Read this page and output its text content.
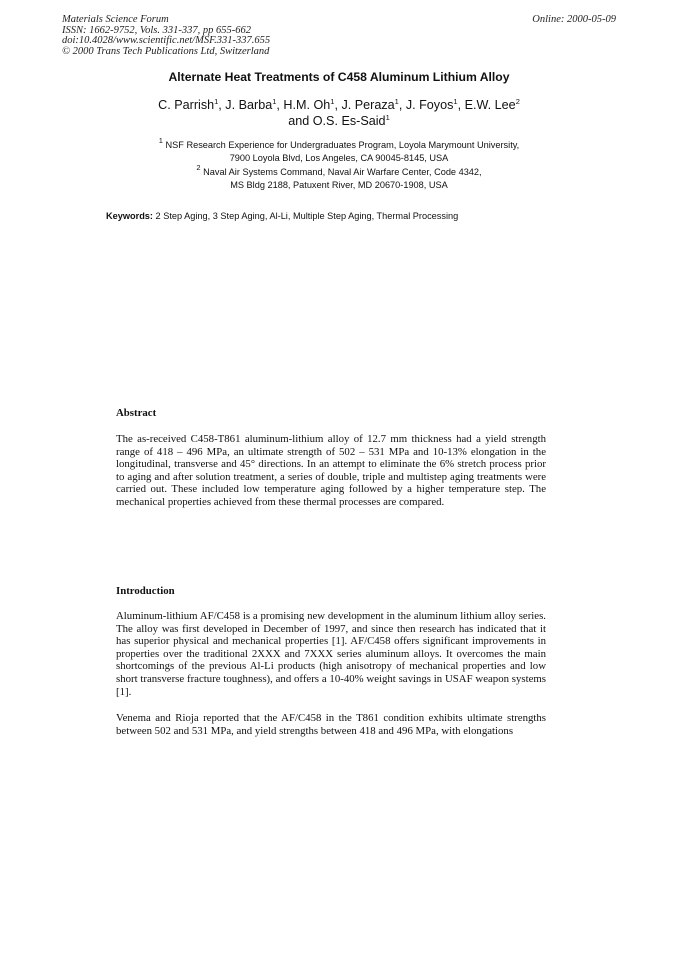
Materials Science Forum
ISSN: 1662-9752, Vols. 331-337, pp 655-662
doi:10.4028/www.scientific.net/MSF.331-337.655
© 2000 Trans Tech Publications Ltd, Switzerland
Online: 2000-05-09
Alternate Heat Treatments of C458 Aluminum Lithium Alloy
C. Parrish$^1$, J. Barba$^1$, H.M. Oh$^1$, J. Peraza$^1$, J. Foyos$^1$, E.W. Lee$^2$
and O.S. Es-Said$^1$
$^1$ NSF Research Experience for Undergraduates Program, Loyola Marymount University,
7900 Loyola Blvd, Los Angeles, CA 90045-8145, USA
$^2$ Naval Air Systems Command, Naval Air Warfare Center, Code 4342,
MS Bldg 2188, Patuxent River, MD 20670-1908, USA
Keywords: 2 Step Aging, 3 Step Aging, Al-Li, Multiple Step Aging, Thermal Processing
Abstract
The as-received C458-T861 aluminum-lithium alloy of 12.7 mm thickness had a yield strength range of 418 – 496 MPa, an ultimate strength of 502 – 531 MPa and 10-13% elongation in the longitudinal, transverse and 45° directions. In an attempt to eliminate the 6% stretch process prior to aging and after solution treatment, a series of double, triple and multistep aging treatments were carried out. These included low temperature aging followed by a higher temperature step. The mechanical properties achieved from these thermal processes are compared.
Introduction
Aluminum-lithium AF/C458 is a promising new development in the aluminum lithium alloy series. The alloy was first developed in December of 1997, and since then research has indicated that it has superior physical and mechanical properties [1]. AF/C458 offers significant improvements in properties over the traditional 2XXX and 7XXX series aluminum alloys. It overcomes the main shortcomings of the previous Al-Li products (high anisotropy of mechanical properties and low short transverse fracture toughness), and offers a 10-40% weight savings in USAF weapon systems [1].
Venema and Rioja reported that the AF/C458 in the T861 condition exhibits ultimate strengths between 502 and 531 MPa, and yield strengths between 418 and 496 MPa, with elongations
